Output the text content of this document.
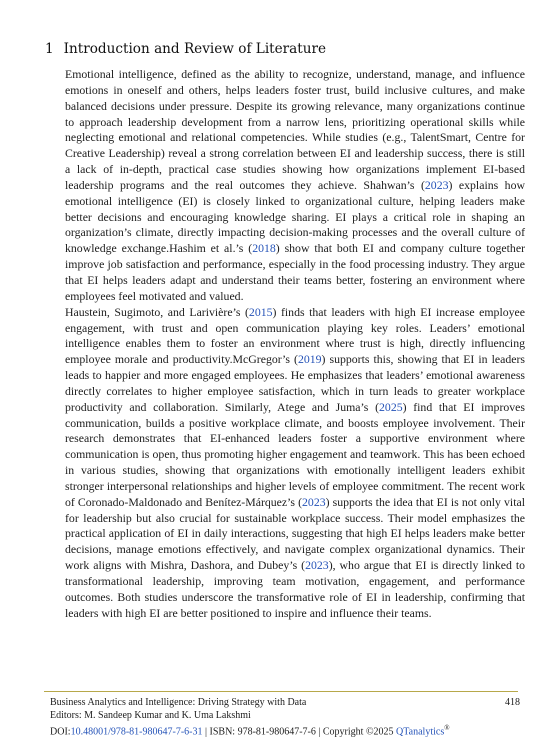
1 Introduction and Review of Literature

Emotional intelligence, defined as the ability to recognize, understand, manage, and influence emotions in oneself and others, helps leaders foster trust, build inclusive cultures, and make balanced decisions under pressure. Despite its growing relevance, many organizations continue to approach leadership development from a narrow lens, prioritizing operational skills while neglecting emotional and relational competencies. While studies (e.g., TalentSmart, Centre for Creative Leadership) reveal a strong correlation between EI and leadership success, there is still a lack of in-depth, practical case studies showing how organizations implement EI-based leadership programs and the real outcomes they achieve. Shahwan’s (2023) explains how emotional intelligence (EI) is closely linked to organizational culture, helping leaders make better decisions and encouraging knowledge sharing. EI plays a critical role in shaping an organization’s climate, directly impacting decision-making processes and the overall culture of knowledge exchange.Hashim et al.’s (2018) show that both EI and company culture together improve job satisfaction and performance, especially in the food processing industry. They argue that EI helps leaders adapt and understand their teams better, fostering an environment where employees feel motivated and valued.

Haustein, Sugimoto, and Larivière’s (2015) finds that leaders with high EI increase employee engagement, with trust and open communication playing key roles. Leaders’ emotional intelligence enables them to foster an environment where trust is high, directly influencing employee morale and productivity.McGregor’s (2019) supports this, showing that EI in leaders leads to happier and more engaged employees. He emphasizes that leaders’ emotional awareness directly correlates to higher employee satisfaction, which in turn leads to greater workplace productivity and collaboration. Similarly, Atege and Juma’s (2025) find that EI improves communication, builds a positive workplace climate, and boosts employee involvement. Their research demonstrates that EI-enhanced leaders foster a supportive environment where communication is open, thus promoting higher engagement and teamwork. This has been echoed in various studies, showing that organizations with emotionally intelligent leaders exhibit stronger interpersonal relationships and higher levels of employee commitment. The recent work of Coronado-Maldonado and Benítez-Márquez’s (2023) supports the idea that EI is not only vital for leadership but also crucial for sustainable workplace success. Their model emphasizes the practical application of EI in daily interactions, suggesting that high EI helps leaders make better decisions, manage emotions effectively, and navigate complex organizational dynamics. Their work aligns with Mishra, Dashora, and Dubey’s (2023), who argue that EI is directly linked to transformational leadership, improving team motivation, engagement, and performance outcomes. Both studies underscore the transformative role of EI in leadership, confirming that leaders with high EI are better positioned to inspire and influence their teams.

Business Analytics and Intelligence: Driving Strategy with Data	418
Editors: M. Sandeep Kumar and K. Uma Lakshmi
DOI:10.48001/978-81-980647-7-6-31 | ISBN: 978-81-980647-7-6 | Copyright ©2025 QTanalytics®
